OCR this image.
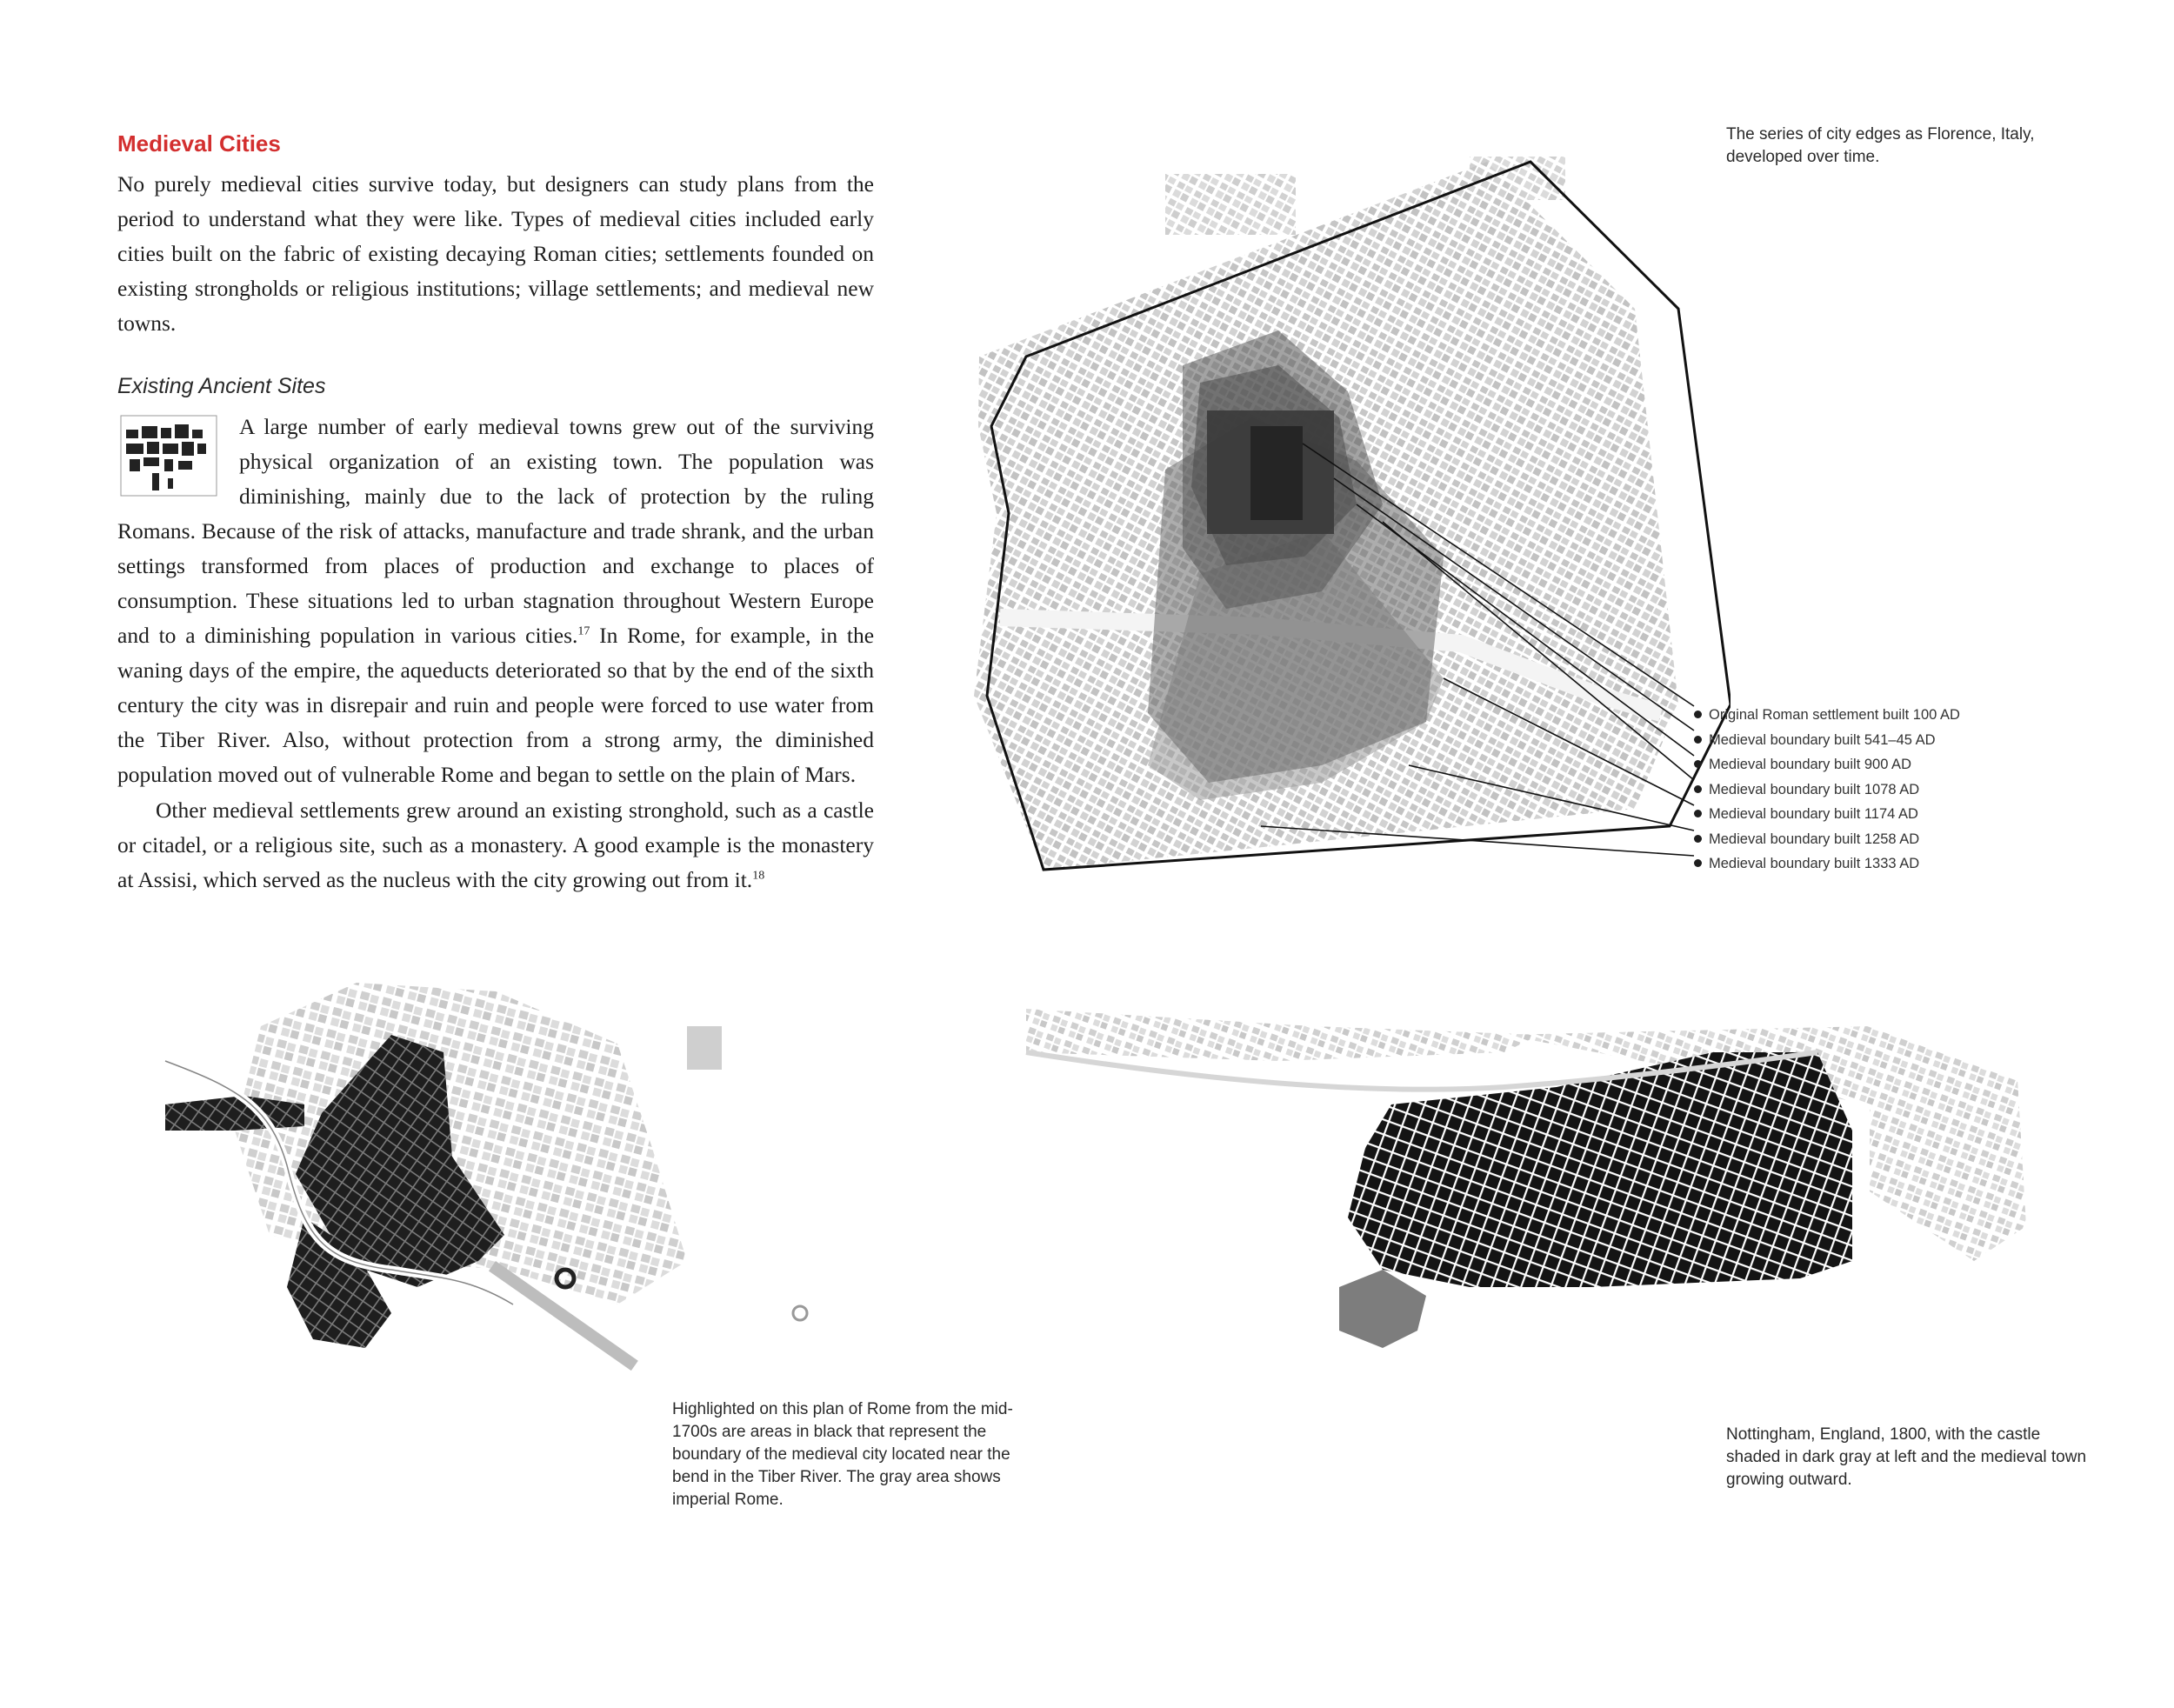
Medieval Cities

No purely medieval cities survive today, but designers can study plans from the period to understand what they were like. Types of medieval cities included early cities built on the fabric of existing decaying Roman cities; settlements founded on existing strongholds or religious institutions; village settlements; and medieval new towns.

Existing Ancient Sites

A large number of early medieval towns grew out of the surviving physical organization of an existing town. The population was diminishing, mainly due to the lack of protection by the ruling Romans. Because of the risk of attacks, manufacture and trade shrank, and the urban settings transformed from places of production and exchange to places of consumption. These situations led to urban stagnation throughout Western Europe and to a diminishing population in various cities.$^{17}$ In Rome, for example, in the waning days of the empire, the aqueducts deteriorated so that by the end of the sixth century the city was in disrepair and ruin and people were forced to use water from the Tiber River. Also, without protection from a strong army, the diminished population moved out of vulnerable Rome and began to settle on the plain of Mars.

Other medieval settlements grew around an existing stronghold, such as a castle or citadel, or a religious site, such as a monastery. A good example is the monastery at Assisi, which served as the nucleus with the city growing out from it.$^{18}$

The series of city edges as Florence, Italy, developed over time.
Original Roman settlement built 100 AD
Medieval boundary built 541–45 AD
Medieval boundary built 900 AD
Medieval boundary built 1078 AD
Medieval boundary built 1174 AD
Medieval boundary built 1258 AD
Medieval boundary built 1333 AD
Highlighted on this plan of Rome from the mid-1700s are areas in black that represent the boundary of the medieval city located near the bend in the Tiber River. The gray area shows imperial Rome.
Nottingham, England, 1800, with the castle shaded in dark gray at left and the medieval town growing outward.
